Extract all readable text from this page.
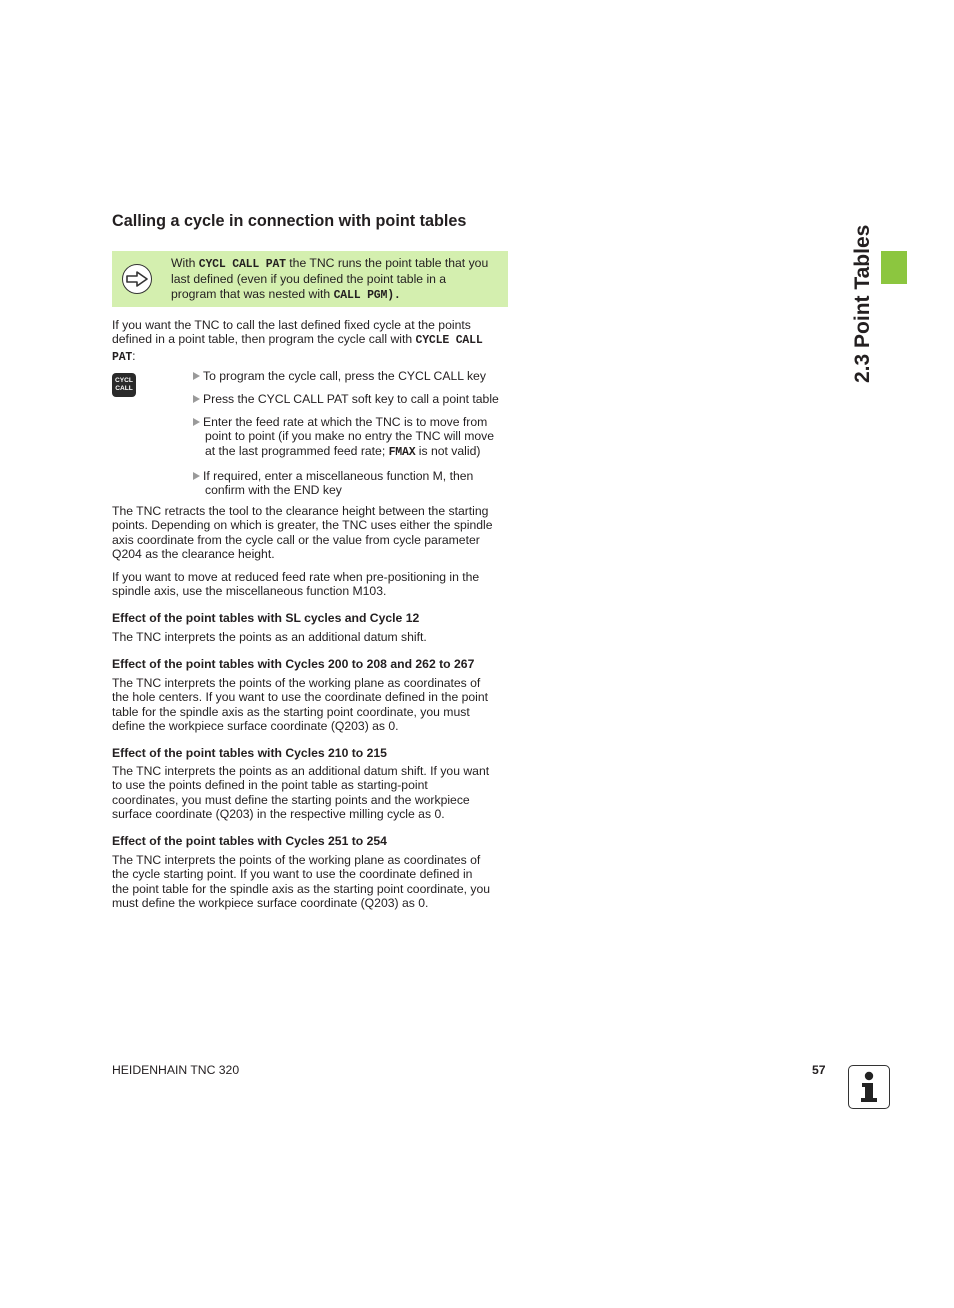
Calling a cycle in connection with point tables
With CYCL CALL PAT the TNC runs the point table that you
last defined (even if you defined the point table in a
program that was nested with CALL PGM).
If you want the TNC to call the last defined fixed cycle at the points
defined in a point table, then program the cycle call with CYCLE CALL
PAT:
CYCL
CALL
To program the cycle call, press the CYCL CALL key
Press the CYCL CALL PAT soft key to call a point table
Enter the feed rate at which the TNC is to move from
point to point (if you make no entry the TNC will move
at the last programmed feed rate; FMAX is not valid)
If required, enter a miscellaneous function M, then
confirm with the END key
The TNC retracts the tool to the clearance height between the starting
points. Depending on which is greater, the TNC uses either the spindle
axis coordinate from the cycle call or the value from cycle parameter
Q204 as the clearance height.
If you want to move at reduced feed rate when pre-positioning in the
spindle axis, use the miscellaneous function M103.
Effect of the point tables with SL cycles and Cycle 12
The TNC interprets the points as an additional datum shift.
Effect of the point tables with Cycles 200 to 208 and 262 to 267
The TNC interprets the points of the working plane as coordinates of
the hole centers. If you want to use the coordinate defined in the point
table for the spindle axis as the starting point coordinate, you must
define the workpiece surface coordinate (Q203) as 0.
Effect of the point tables with Cycles 210 to 215
The TNC interprets the points as an additional datum shift. If you want
to use the points defined in the point table as starting-point
coordinates, you must define the starting points and the workpiece
surface coordinate (Q203) in the respective milling cycle as 0.
Effect of the point tables with Cycles 251 to 254
The TNC interprets the points of the working plane as coordinates of
the cycle starting point. If you want to use the coordinate defined in
the point table for the spindle axis as the starting point coordinate, you
must define the workpiece surface coordinate (Q203) as 0.
2.3 Point Tables
HEIDENHAIN TNC 320	57
